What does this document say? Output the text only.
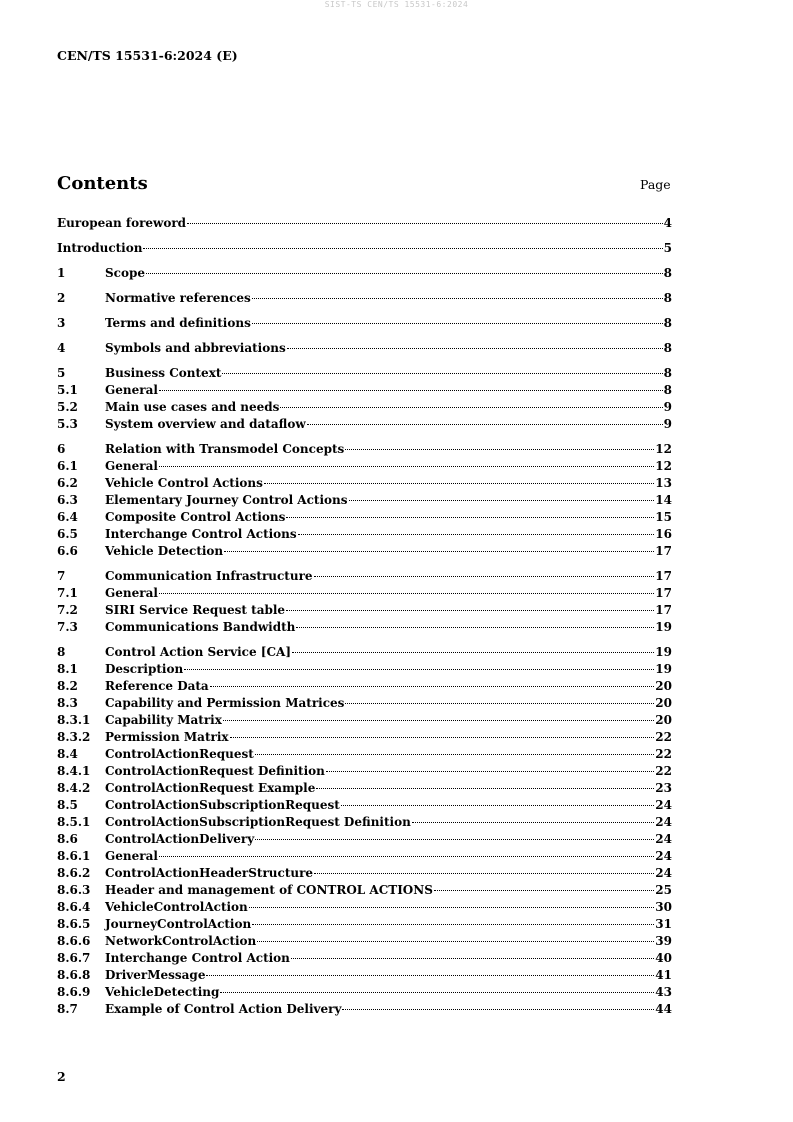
SIST-TS CEN/TS 15531-6:2024
CEN/TS 15531-6:2024 (E)
Contents	Page
European foreword	4
Introduction	5
1	Scope	8
2	Normative references	8
3	Terms and definitions	8
4	Symbols and abbreviations	8
5	Business Context	8
5.1	General	8
5.2	Main use cases and needs	9
5.3	System overview and dataflow	9
6	Relation with Transmodel Concepts	12
6.1	General	12
6.2	Vehicle Control Actions	13
6.3	Elementary Journey Control Actions	14
6.4	Composite Control Actions	15
6.5	Interchange Control Actions	16
6.6	Vehicle Detection	17
7	Communication Infrastructure	17
7.1	General	17
7.2	SIRI Service Request table	17
7.3	Communications Bandwidth	19
8	Control Action Service [CA]	19
8.1	Description	19
8.2	Reference Data	20
8.3	Capability and Permission Matrices	20
8.3.1	Capability Matrix	20
8.3.2	Permission Matrix	22
8.4	ControlActionRequest	22
8.4.1	ControlActionRequest Definition	22
8.4.2	ControlActionRequest Example	23
8.5	ControlActionSubscriptionRequest	24
8.5.1	ControlActionSubscriptionRequest Definition	24
8.6	ControlActionDelivery	24
8.6.1	General	24
8.6.2	ControlActionHeaderStructure	24
8.6.3	Header and management of CONTROL ACTIONS	25
8.6.4	VehicleControlAction	30
8.6.5	JourneyControlAction	31
8.6.6	NetworkControlAction	39
8.6.7	Interchange Control Action	40
8.6.8	DriverMessage	41
8.6.9	VehicleDetecting	43
8.7	Example of Control Action Delivery	44
2
